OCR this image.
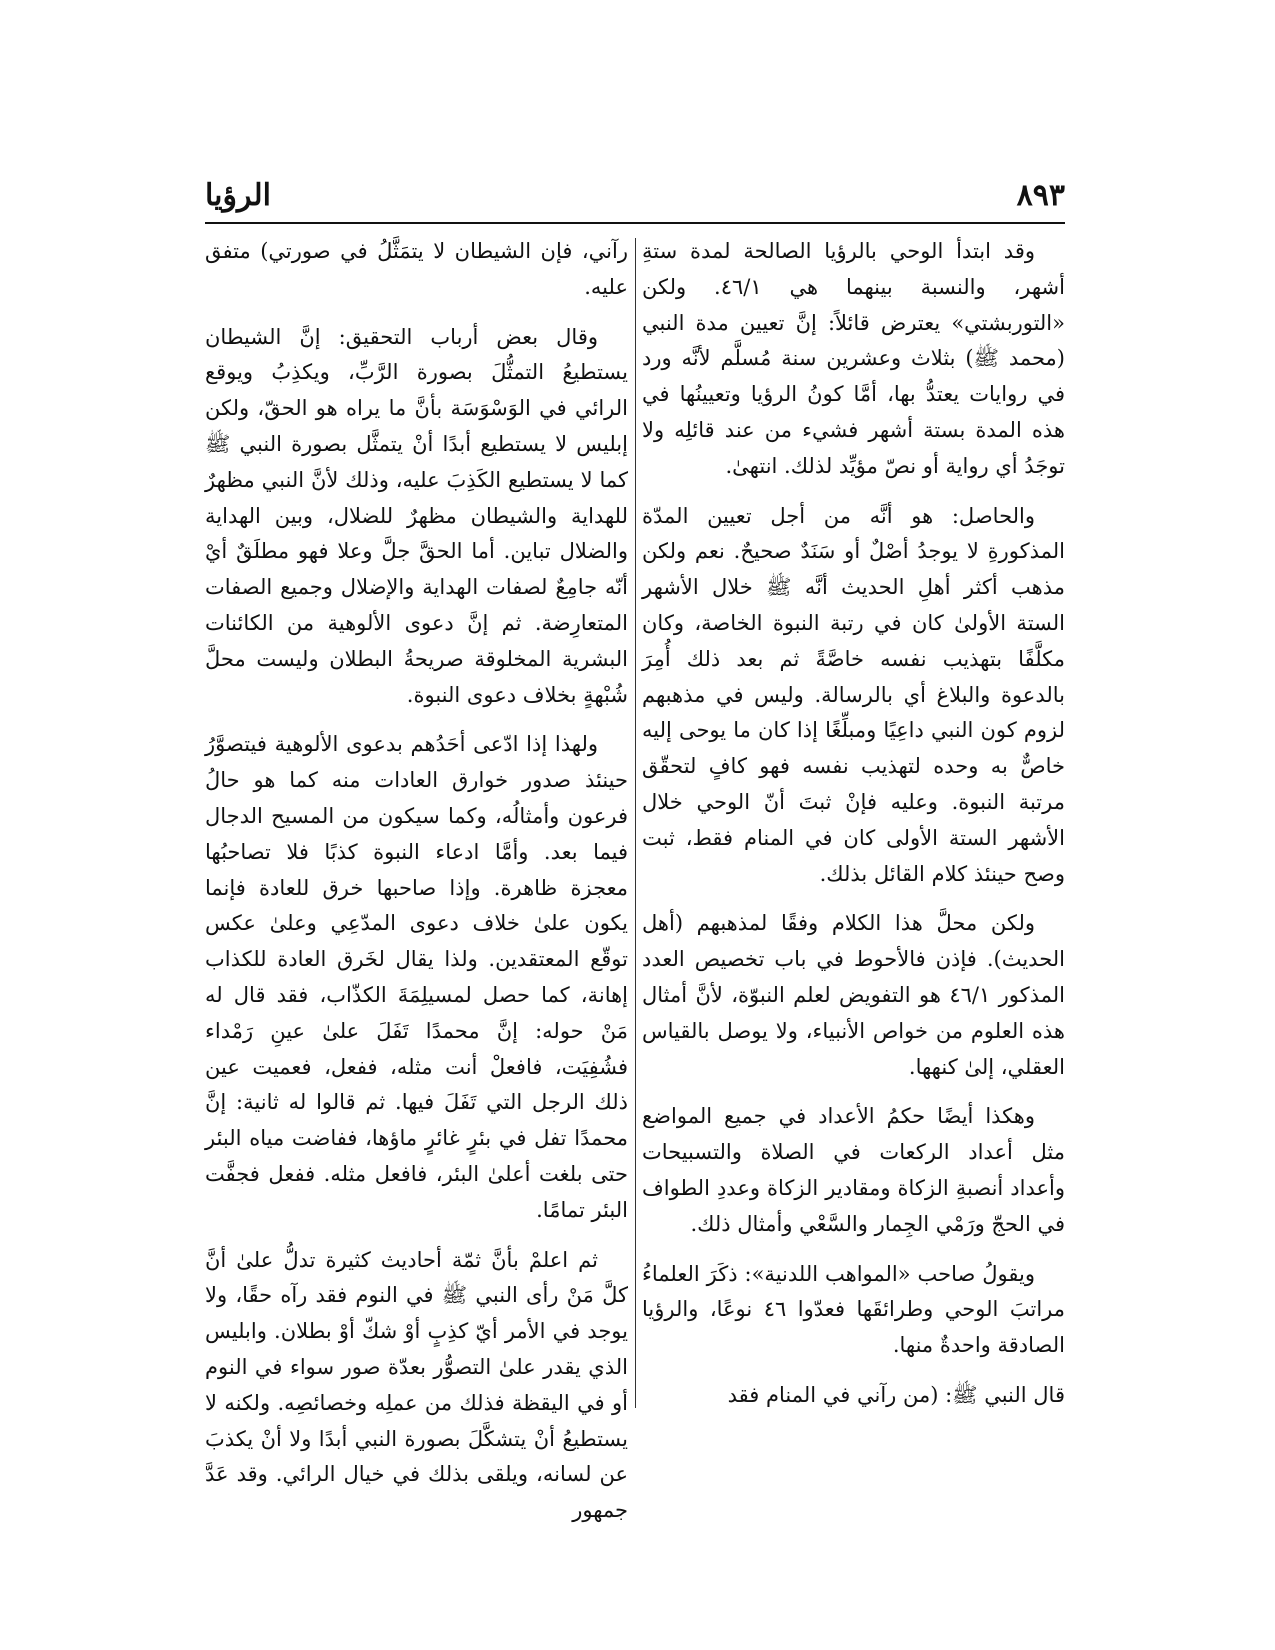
٨٩٣
الرؤيا

وقد ابتدأ الوحي بالرؤيا الصالحة لمدة ستةِ أشهر، والنسبة بينهما هي ٤٦/١. ولكن «التوربشتي» يعترض قائلاً: إنَّ تعيين مدة النبي (محمد ﷺ) بثلاث وعشرين سنة مُسلَّم لأنَّه ورد في روايات يعتدُّ بها، أمَّا كونُ الرؤيا وتعيينُها في هذه المدة بستة أشهر فشيء من عند قائلِه ولا توجَدُ أي رواية أو نصّ مؤيِّد لذلك. انتهىٰ.

والحاصل: هو أنَّه من أجل تعيين المدّة المذكورةِ لا يوجدُ أصْلٌ أو سَنَدٌ صحيحٌ. نعم ولكن مذهب أكثر أهلِ الحديث أنَّه ﷺ خلال الأشهر الستة الأولىٰ كان في رتبة النبوة الخاصة، وكان مكلَّفًا بتهذيب نفسه خاصَّةً ثم بعد ذلك أُمِرَ بالدعوة والبلاغ أي بالرسالة. وليس في مذهبهم لزوم كون النبي داعِيًا ومبلِّغًا إذا كان ما يوحى إليه خاصٌّ به وحده لتهذيب نفسه فهو كافٍ لتحقّق مرتبة النبوة. وعليه فإنْ ثبتَ أنّ الوحي خلال الأشهر الستة الأولى كان في المنام فقط، ثبت وصح حينئذ كلام القائل بذلك.

ولكن محلَّ هذا الكلام وفقًا لمذهبهم (أهل الحديث). فإذن فالأحوط في باب تخصيص العدد المذكور ٤٦/١ هو التفويض لعلم النبوّة، لأنَّ أمثال هذه العلوم من خواص الأنبياء، ولا يوصل بالقياس العقلي، إلىٰ كنهها.

وهكذا أيضًا حكمُ الأعداد في جميع المواضع مثل أعداد الركعات في الصلاة والتسبيحات وأعداد أنصبةِ الزكاة ومقادير الزكاة وعددِ الطواف في الحجّ ورَمْي الجِمار والسَّعْي وأمثال ذلك.

ويقولُ صاحب «المواهب اللدنية»: ذكَرَ العلماءُ مراتبَ الوحي وطرائقَها فعدّوا ٤٦ نوعًا، والرؤيا الصادقة واحدةٌ منها.

قال النبي ﷺ: (من رآني في المنام فقد

رآني، فإن الشيطان لا يتمَثَّلُ في صورتي) متفق عليه.

وقال بعض أرباب التحقيق: إنَّ الشيطان يستطيعُ التمثُّلَ بصورة الرَّبِّ، ويكذِبُ ويوقع الرائي في الوَسْوَسَة بأنَّ ما يراه هو الحقّ، ولكن إبليس لا يستطيع أبدًا أنْ يتمثَّل بصورة النبي ﷺ كما لا يستطيع الكَذِبَ عليه، وذلك لأنَّ النبي مظهرٌ للهداية والشيطان مظهرٌ للضلال، وبين الهداية والضلال تباين. أما الحقَّ جلَّ وعلا فهو مطلَقٌ أيْ أنّه جامِعٌ لصفات الهداية والإضلال وجميع الصفات المتعارِضة. ثم إنَّ دعوى الألوهية من الكائنات البشرية المخلوقة صريحةُ البطلان وليست محلَّ شُبْهةٍ بخلاف دعوى النبوة.

ولهذا إذا ادّعى أحَدُهم بدعوى الألوهية فيتصوَّرُ حينئذ صدور خوارق العادات منه كما هو حالُ فرعون وأمثالُه، وكما سيكون من المسيح الدجال فيما بعد. وأمَّا ادعاء النبوة كذبًا فلا تصاحبُها معجزة ظاهرة. وإذا صاحبها خرق للعادة فإنما يكون علىٰ خلاف دعوى المدّعِي وعلىٰ عكس توقّع المعتقدين. ولذا يقال لخَرق العادة للكذاب إهانة، كما حصل لمسيلِمَةَ الكذّاب، فقد قال له مَنْ حوله: إنَّ محمدًا تَفَلَ علىٰ عينِ رَمْداء فشُفِيَت، فافعلْ أنت مثله، ففعل، فعميت عين ذلك الرجل التي تَفَلَ فيها. ثم قالوا له ثانية: إنَّ محمدًا تفل في بئرٍ غائرٍ ماؤها، ففاضت مياه البئر حتى بلغت أعلىٰ البئر، فافعل مثله. ففعل فجفَّت البئر تمامًا.

ثم اعلمْ بأنَّ ثمّة أحاديث كثيرة تدلُّ علىٰ أنَّ كلَّ مَنْ رأى النبي ﷺ في النوم فقد رآه حقًا، ولا يوجد في الأمر أيّ كذِبٍ أوْ شكّ أوْ بطلان. وابليس الذي يقدر علىٰ التصوُّر بعدّة صور سواء في النوم أو في اليقظة فذلك من عملِه وخصائصِه. ولكنه لا يستطيعُ أنْ يتشكَّلَ بصورة النبي أبدًا ولا أنْ يكذبَ عن لسانه، ويلقى بذلك في خيال الرائي. وقد عَدَّ جمهور
